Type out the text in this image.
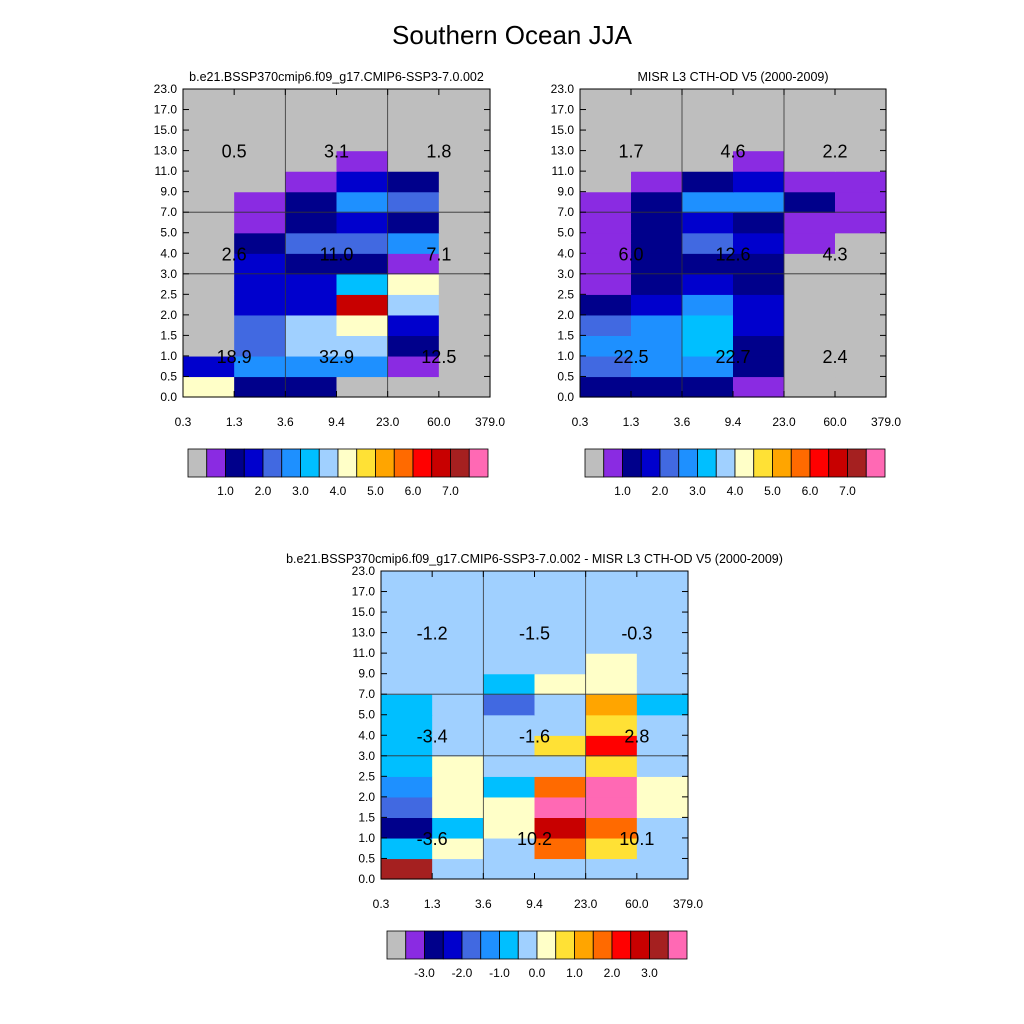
Southern Ocean JJA
b.e21.BSSP370cmip6.f09_g17.CMIP6-SSP3-7.0.002
0.0
0.5
1.0
1.5
2.0
2.5
3.0
4.0
5.0
7.0
9.0
11.0
13.0
15.0
17.0
23.0
0.3	1.3	3.6	9.4	23.0 60.0 379.0
0.5	3.1	1.8
2.6	11.0	7.1
18.9	32.9	12.5
1.0 2.0 3.0 4.0 5.0 6.0 7.0
MISR L3 CTH-OD V5 (2000-2009)
0.0
0.5
1.0
1.5
2.0
2.5
3.0
4.0
5.0
7.0
9.0
11.0
13.0
15.0
17.0
23.0
0.3	1.3	3.6	9.4	23.0 60.0 379.0
1.7	4.6	2.2
6.0	12.6	4.3
22.5	22.7	2.4
1.0 2.0 3.0 4.0 5.0 6.0 7.0
b.e21.BSSP370cmip6.f09_g17.CMIP6-SSP3-7.0.002 - MISR L3 CTH-OD V5 (2000-2009)
0.0
0.5
1.0
1.5
2.0
2.5
3.0
4.0
5.0
7.0
9.0
11.0
13.0
15.0
17.0
23.0
0.3	1.3	3.6	9.4	23.0 60.0 379.0
-1.2	-1.5	-0.3
-3.4	-1.6	2.8
-3.6	10.2	10.1
-3.0 -2.0 -1.0 0.0 1.0 2.0 3.0
